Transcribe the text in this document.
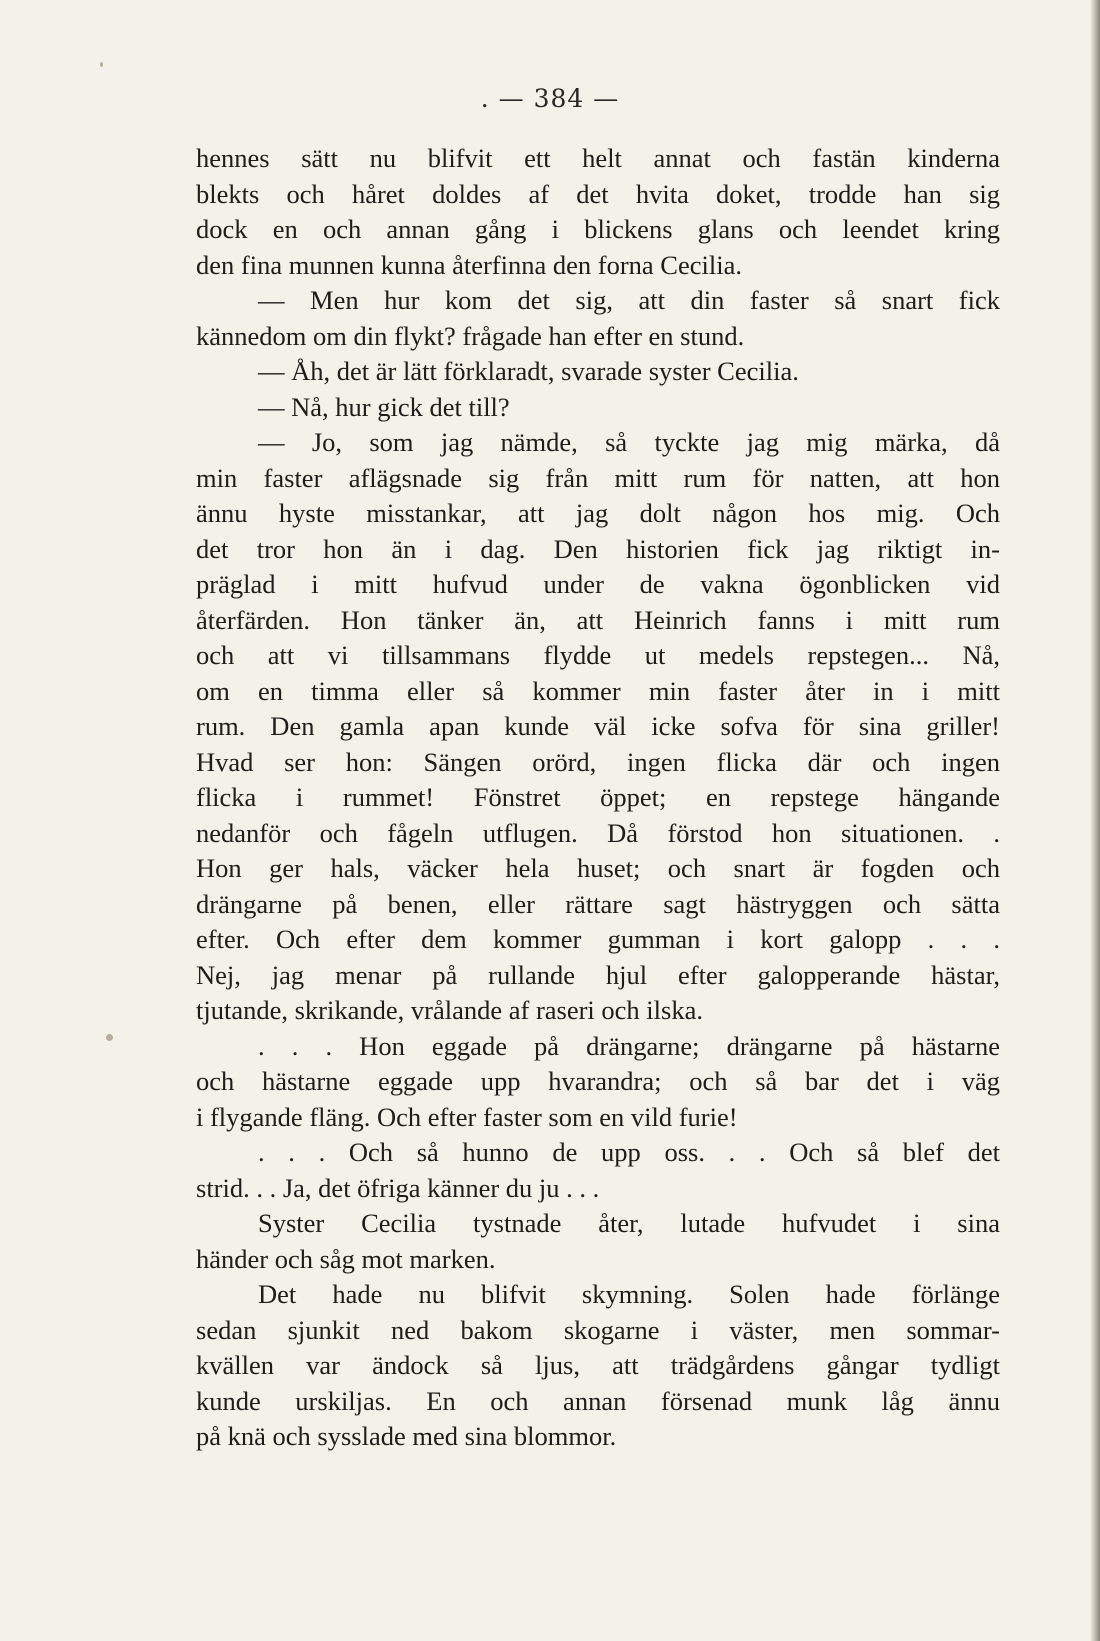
. — 384 —
hennes sätt nu blifvit ett helt annat och fastän kinderna
blekts och håret doldes af det hvita doket, trodde han sig
dock en och annan gång i blickens glans och leendet kring
den fina munnen kunna återfinna den forna Cecilia.
— Men hur kom det sig, att din faster så snart fick
kännedom om din flykt? frågade han efter en stund.
— Åh, det är lätt förklaradt, svarade syster Cecilia.
— Nå, hur gick det till?
— Jo, som jag nämde, så tyckte jag mig märka, då
min faster aflägsnade sig från mitt rum för natten, att hon
ännu hyste misstankar, att jag dolt någon hos mig. Och
det tror hon än i dag. Den historien fick jag riktigt in-
präglad i mitt hufvud under de vakna ögonblicken vid
återfärden. Hon tänker än, att Heinrich fanns i mitt rum
och att vi tillsammans flydde ut medels repstegen... Nå,
om en timma eller så kommer min faster åter in i mitt
rum. Den gamla apan kunde väl icke sofva för sina griller!
Hvad ser hon: Sängen orörd, ingen flicka där och ingen
flicka i rummet! Fönstret öppet; en repstege hängande
nedanför och fågeln utflugen. Då förstod hon situationen. .
Hon ger hals, väcker hela huset; och snart är fogden och
drängarne på benen, eller rättare sagt hästryggen och sätta
efter. Och efter dem kommer gumman i kort galopp . . .
Nej, jag menar på rullande hjul efter galopperande hästar,
tjutande, skrikande, vrålande af raseri och ilska.
. . . Hon eggade på drängarne; drängarne på hästarne
och hästarne eggade upp hvarandra; och så bar det i väg
i flygande fläng. Och efter faster som en vild furie!
. . . Och så hunno de upp oss. . . Och så blef det
strid. . . Ja, det öfriga känner du ju . . .
Syster Cecilia tystnade åter, lutade hufvudet i sina
händer och såg mot marken.
Det hade nu blifvit skymning. Solen hade förlänge
sedan sjunkit ned bakom skogarne i väster, men sommar-
kvällen var ändock så ljus, att trädgårdens gångar tydligt
kunde urskiljas. En och annan försenad munk låg ännu
på knä och sysslade med sina blommor.
